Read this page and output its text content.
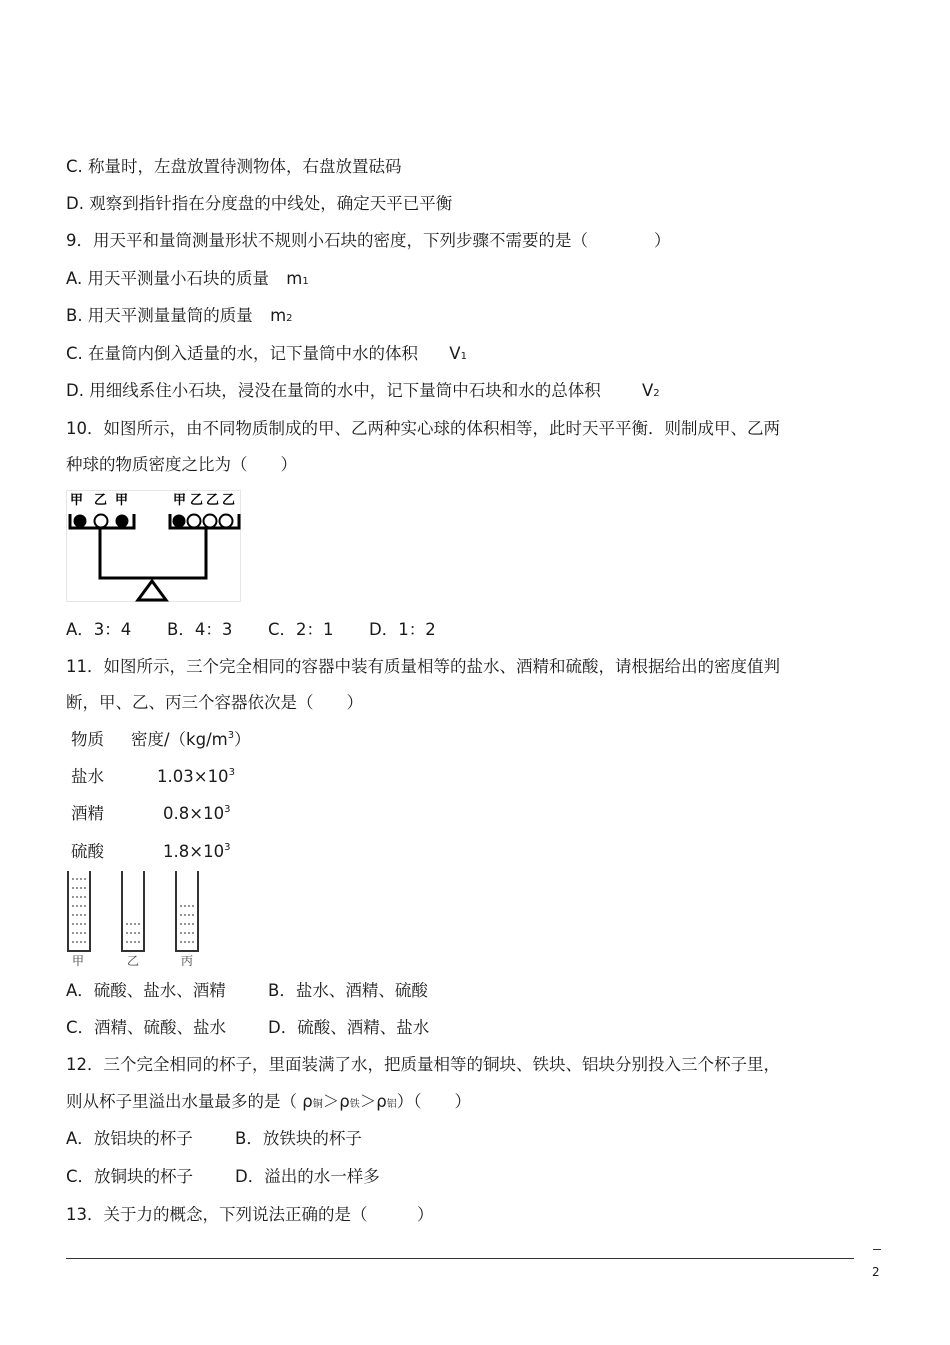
C. 称量时，左盘放置待测物体，右盘放置砝码
D. 观察到指针指在分度盘的中线处，确定天平已平衡
9．用天平和量筒测量形状不规则小石块的密度，下列步骤不需要的是（　　　　）
A. 用天平测量小石块的质量 m1
B. 用天平测量量筒的质量 m2
C. 在量筒内倒入适量的水，记下量筒中水的体积 V1
D. 用细线系住小石块，浸没在量筒的水中，记下量筒中石块和水的总体积 V2
10．如图所示，由不同物质制成的甲、乙两种实心球的体积相等，此时天平平衡．则制成甲、乙两
种球的物质密度之比为（　　）
甲 乙 甲	甲 乙 乙 乙
A．3：4 B．4：3 C．2：1 D．1：2
11．如图所示，三个完全相同的容器中装有质量相等的盐水、酒精和硫酸，请根据给出的密度值判
断，甲、乙、丙三个容器依次是（　　）
物质 密度$/(kg/m^3)$
盐水	$1.03\times 10^3$
酒精	$0.8\times 10^3$
硫酸	$1.8\times 10^3$
甲	乙	丙
A．硫酸、盐水、酒精	B．盐水、酒精、硫酸
C．酒精、硫酸、盐水	D．硫酸、酒精、盐水
12．三个完全相同的杯子，里面装满了水，把质量相等的铜块、铁块、铝块分别投入三个杯子里，
则从杯子里溢出水量最多的是（ ρ铜＞ρ铁＞ρ铝）（　　）
A．放铝块的杯子	B．放铁块的杯子
C．放铜块的杯子	D．溢出的水一样多
13．关于力的概念，下列说法正确的是（　　　）
2
